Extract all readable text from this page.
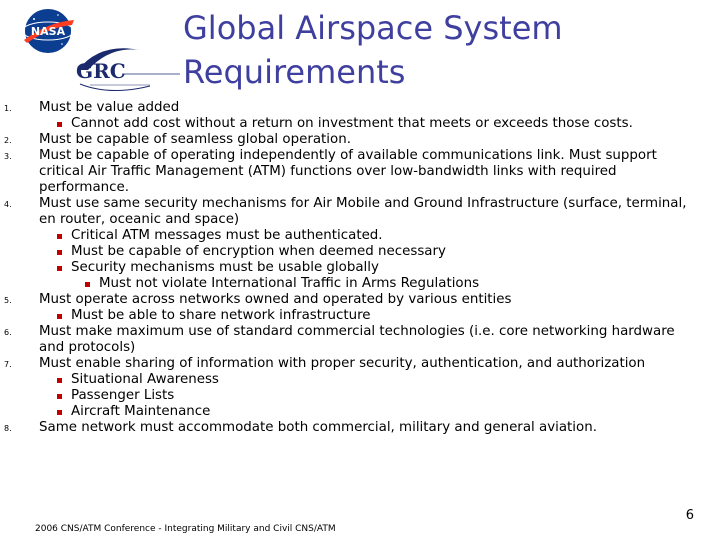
NASA
GRC
Global Airspace System
Requirements
1.	Must be value added
Cannot add cost without a return on investment that meets or exceeds those costs.
2.	Must be capable of seamless global operation.
3.	Must be capable of operating independently of available communications link. Must support critical Air Traffic Management (ATM) functions over low-bandwidth links with required performance.
4.	Must use same security mechanisms for Air Mobile and Ground Infrastructure (surface, terminal, en router, oceanic and space)
Critical ATM messages must be authenticated.
Must be capable of encryption when deemed necessary
Security mechanisms must be usable globally
Must not violate International Traffic in Arms Regulations
5.	Must operate across networks owned and operated by various entities
Must be able to share network infrastructure
6.	Must make maximum use of standard commercial technologies (i.e. core networking hardware and protocols)
7.	Must enable sharing of information with proper security, authentication, and authorization
Situational Awareness
Passenger Lists
Aircraft Maintenance
8.	Same network must accommodate both commercial, military and general aviation.
2006 CNS/ATM Conference - Integrating Military and Civil CNS/ATM
6
